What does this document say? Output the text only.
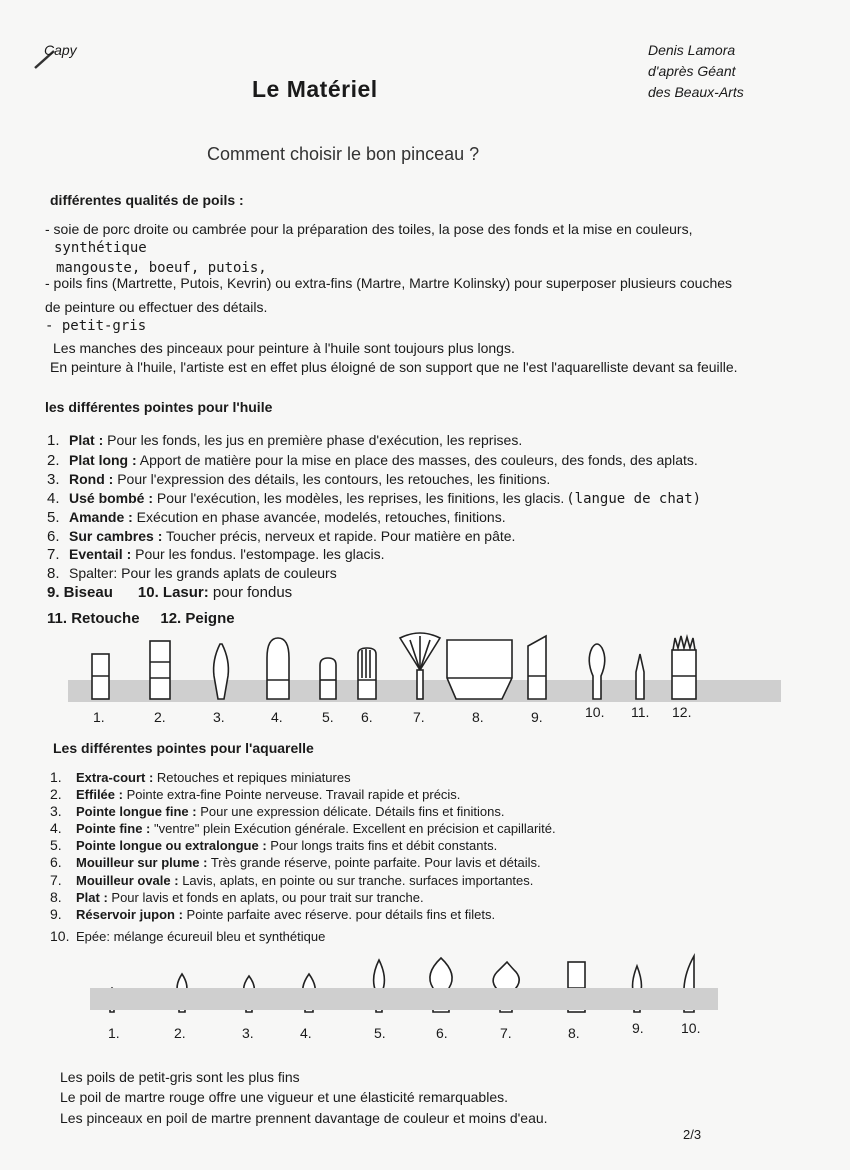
Capy	Denis Lamora
d'après Géant
des Beaux-Arts
Le Matériel
Comment choisir le bon pinceau ?
différentes qualités de poils :
- soie de porc droite ou cambrée pour la préparation des toiles, la pose des fonds et la mise en couleurs,
synthétique
mangouste, boeuf, putois,
- poils fins (Martrette, Putois, Kevrin) ou extra-fins (Martre, Martre Kolinsky) pour superposer plusieurs couches
de peinture ou effectuer des détails.
- petit-gris
Les manches des pinceaux pour peinture à l'huile sont toujours plus longs.
En peinture à l'huile, l'artiste est en effet plus éloigné de son support que ne l'est l'aquarelliste devant sa feuille.
les différentes pointes pour l'huile
1. Plat : Pour les fonds, les jus en première phase d'exécution, les reprises.
2. Plat long : Apport de matière pour la mise en place des masses, des couleurs, des fonds, des aplats.
3. Rond : Pour l'expression des détails, les contours, les retouches, les finitions.
4. Usé bombé : Pour l'exécution, les modèles, les reprises, les finitions, les glacis. (langue de chat)
5. Amande : Exécution en phase avancée, modelés, retouches, finitions.
6. Sur cambres : Toucher précis, nerveux et rapide. Pour matière en pâte.
7. Eventail : Pour les fondus. l'estompage. les glacis.
8. Spalter: Pour les grands aplats de couleurs
9. Biseau 10. Lasur: pour fondus
11. Retouche     12. Peigne
1.	2.	3.	4.	5. 6.	7.	8.	9.	10. 11. 12.
Les différentes pointes pour l'aquarelle
1. Extra-court : Retouches et repiques miniatures
2. Effilée : Pointe extra-fine Pointe nerveuse. Travail rapide et précis.
3. Pointe longue fine : Pour une expression délicate. Détails fins et finitions.
4. Pointe fine : "ventre" plein Exécution générale. Excellent en précision et capillarité.
5. Pointe longue ou extralongue : Pour longs traits fins et débit constants.
6. Mouilleur sur plume : Très grande réserve, pointe parfaite. Pour lavis et détails.
7. Mouilleur ovale : Lavis, aplats, en pointe ou sur tranche. surfaces importantes.
8. Plat : Pour lavis et fonds en aplats, ou pour trait sur tranche.
9. Réservoir jupon : Pointe parfaite avec réserve. pour détails fins et filets.
10. Epée: mélange écureuil bleu et synthétique
1.	2.	3.	4.	5.	6.	7.	8.	9.	10.
Les poils de petit-gris sont les plus fins
Le poil de martre rouge offre une vigueur et une élasticité remarquables.
Les pinceaux en poil de martre prennent davantage de couleur et moins d'eau.
2/3
